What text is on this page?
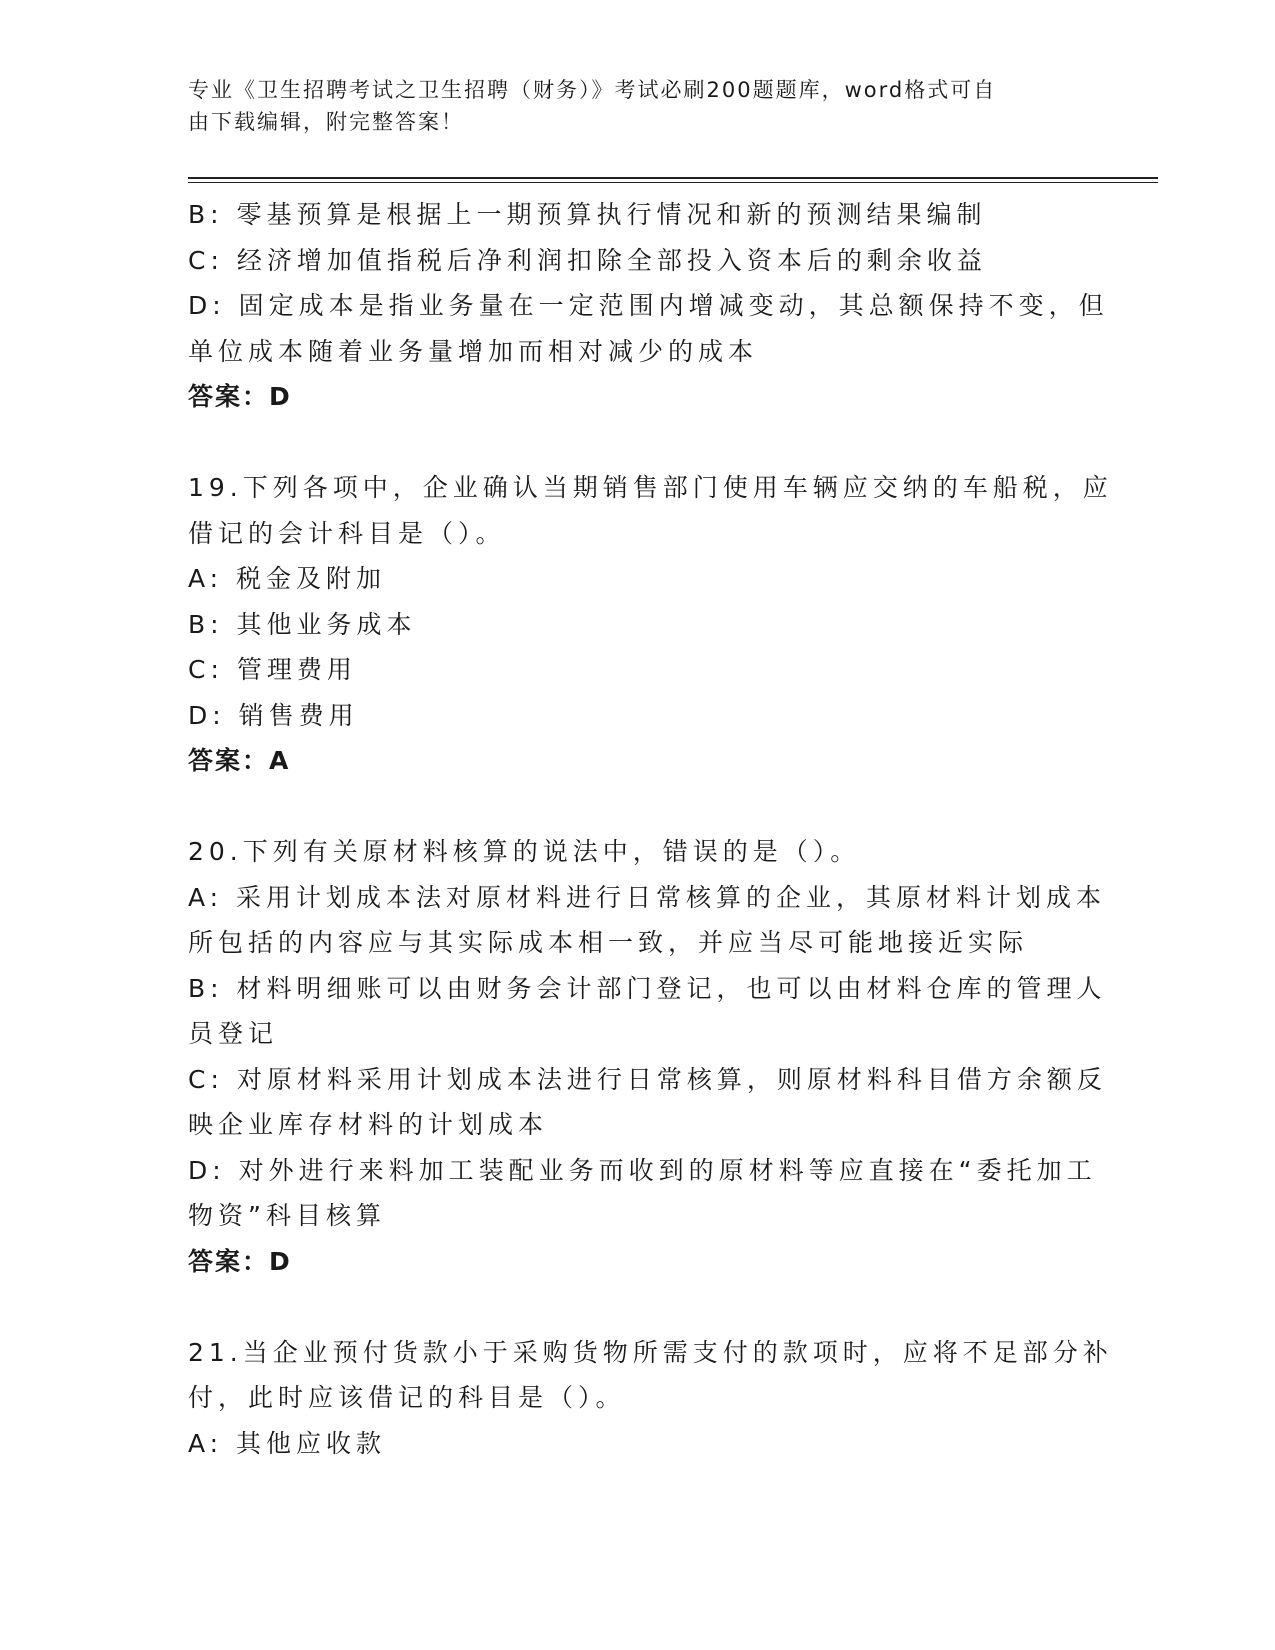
专业《卫生招聘考试之卫生招聘（财务）》考试必刷200题题库，word格式可自
由下载编辑，附完整答案！
B: 零基预算是根据上一期预算执行情况和新的预测结果编制
C: 经济增加值指税后净利润扣除全部投入资本后的剩余收益
D: 固定成本是指业务量在一定范围内增减变动，其总额保持不变，但
单位成本随着业务量增加而相对减少的成本
答案：D
19.下列各项中，企业确认当期销售部门使用车辆应交纳的车船税，应
借记的会计科目是（）。
A: 税金及附加
B: 其他业务成本
C: 管理费用
D: 销售费用
答案：A
20.下列有关原材料核算的说法中，错误的是（）。
A: 采用计划成本法对原材料进行日常核算的企业，其原材料计划成本
所包括的内容应与其实际成本相一致，并应当尽可能地接近实际
B: 材料明细账可以由财务会计部门登记，也可以由材料仓库的管理人
员登记
C: 对原材料采用计划成本法进行日常核算，则原材料科目借方余额反
映企业库存材料的计划成本
D: 对外进行来料加工装配业务而收到的原材料等应直接在“委托加工
物资”科目核算
答案：D
21.当企业预付货款小于采购货物所需支付的款项时，应将不足部分补
付，此时应该借记的科目是（）。
A: 其他应收款
